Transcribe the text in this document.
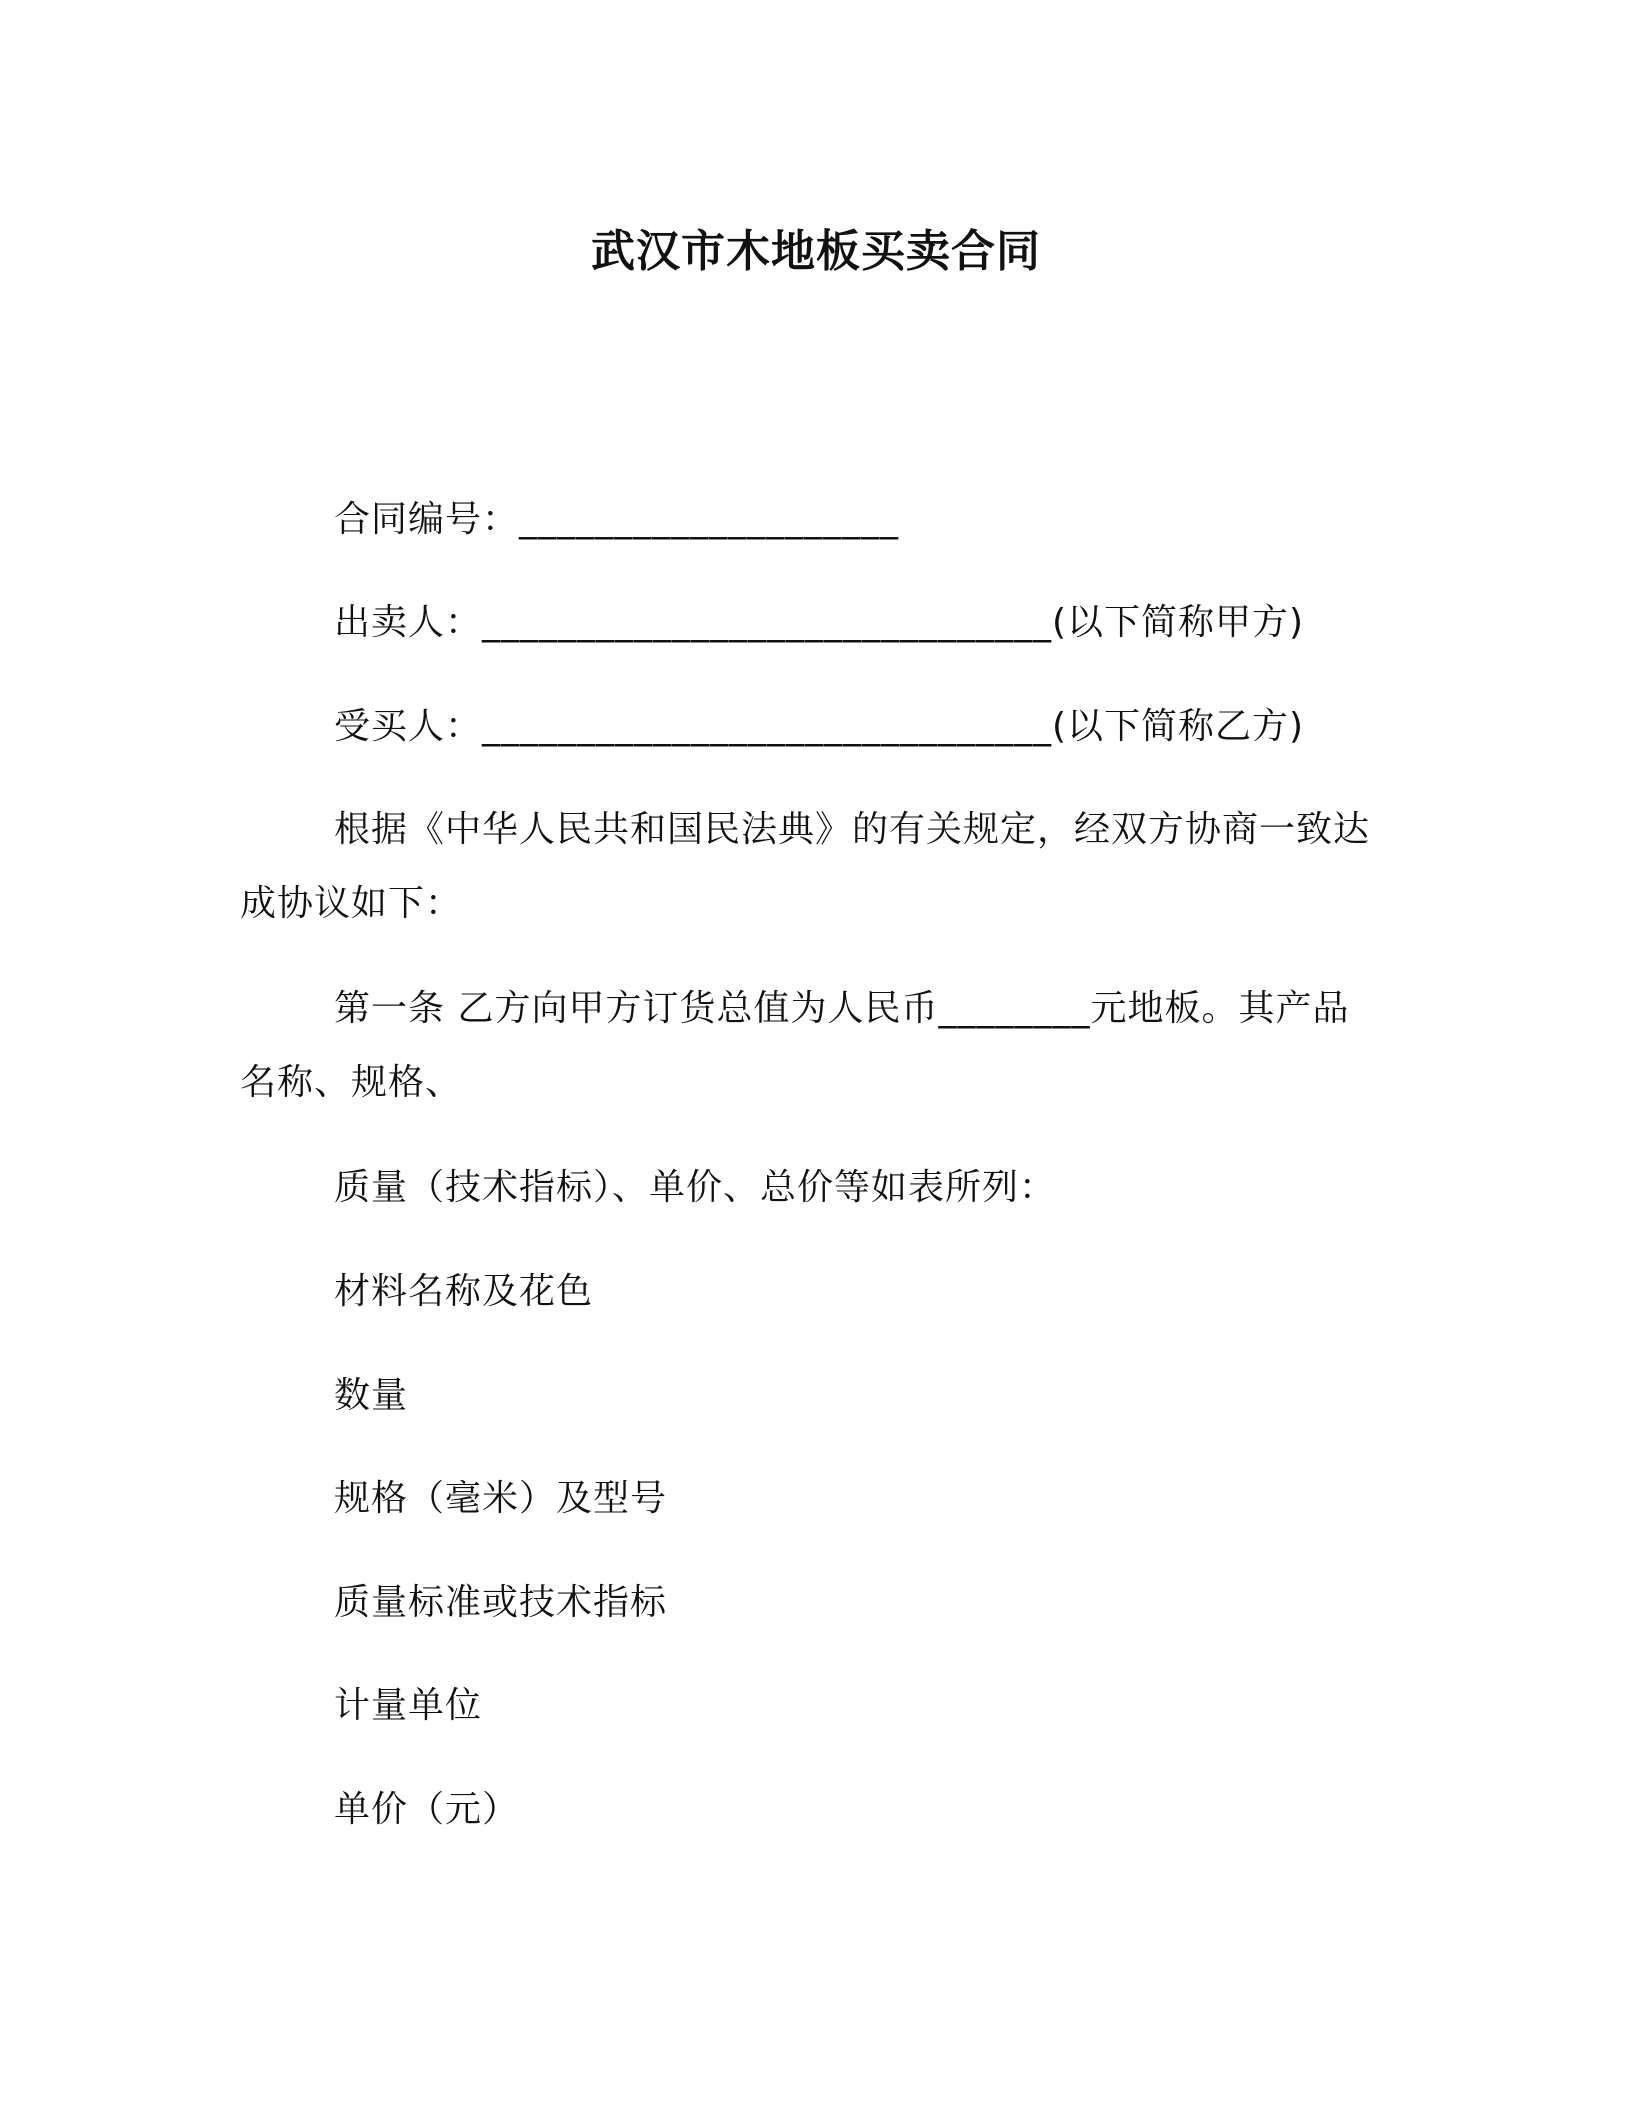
武汉市木地板买卖合同
合同编号：____________________
出卖人：______________________________(以下简称甲方)
受买人：______________________________(以下简称乙方)
根据《中华人民共和国民法典》的有关规定，经双方协商一致达
成协议如下：
第一条 乙方向甲方订货总值为人民币________元地板。其产品
名称、规格、
质量（技术指标）、单价、总价等如表所列：
材料名称及花色
数量
规格（毫米）及型号
质量标准或技术指标
计量单位
单价（元）
